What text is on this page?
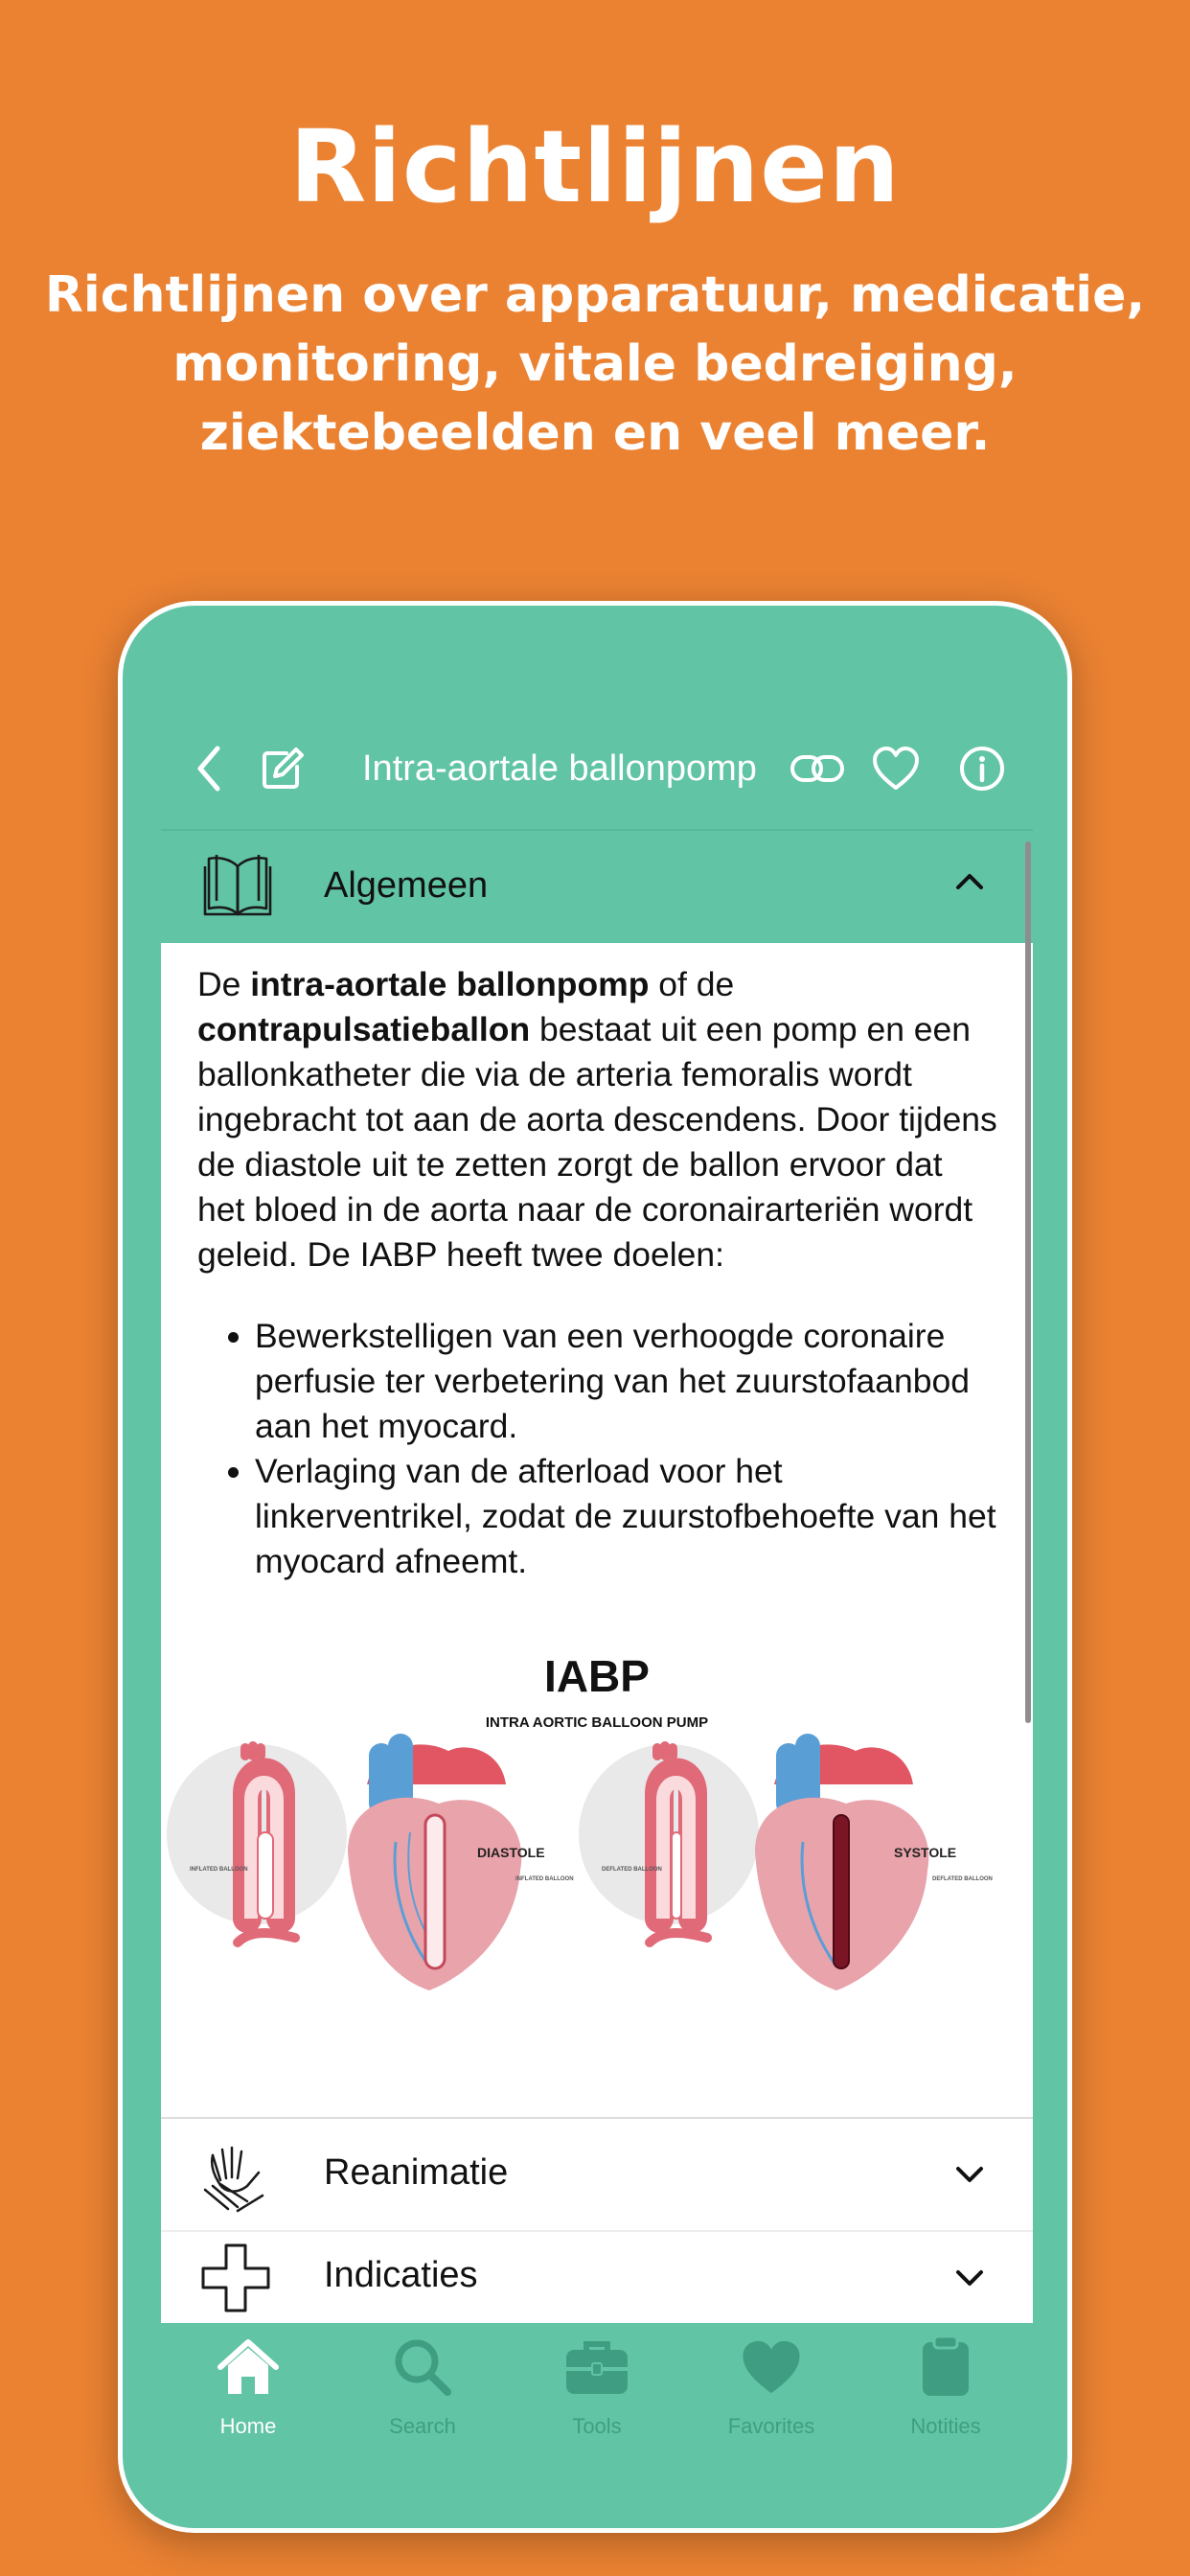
Richtlijnen
Richtlijnen over apparatuur, medicatie,
monitoring, vitale bedreiging,
ziektebeelden en veel meer.
Intra-aortale ballonpomp
Algemeen

De intra-aortale ballonpomp of de contrapulsatieballon bestaat uit een pomp en een ballonkatheter die via de arteria femoralis wordt ingebracht tot aan de aorta descendens. Door tijdens de diastole uit te zetten zorgt de ballon ervoor dat het bloed in de aorta naar de coronairarteriën wordt geleid. De IABP heeft twee doelen:

• Bewerkstelligen van een verhoogde coronaire perfusie ter verbetering van het zuurstofaanbod aan het myocard.
• Verlaging van de afterload voor het linkerventrikel, zodat de zuurstofbehoefte van het myocard afneemt.
IABP
INTRA AORTIC BALLOON PUMP
DIASTOLE
INFLATED BALLOON
INFLATED BALLOON
SYSTOLE
DEFLATED BALLOON
DEFLATED BALLOON
Reanimatie
Indicaties
Home	Search	Tools	Favorites	Notities
